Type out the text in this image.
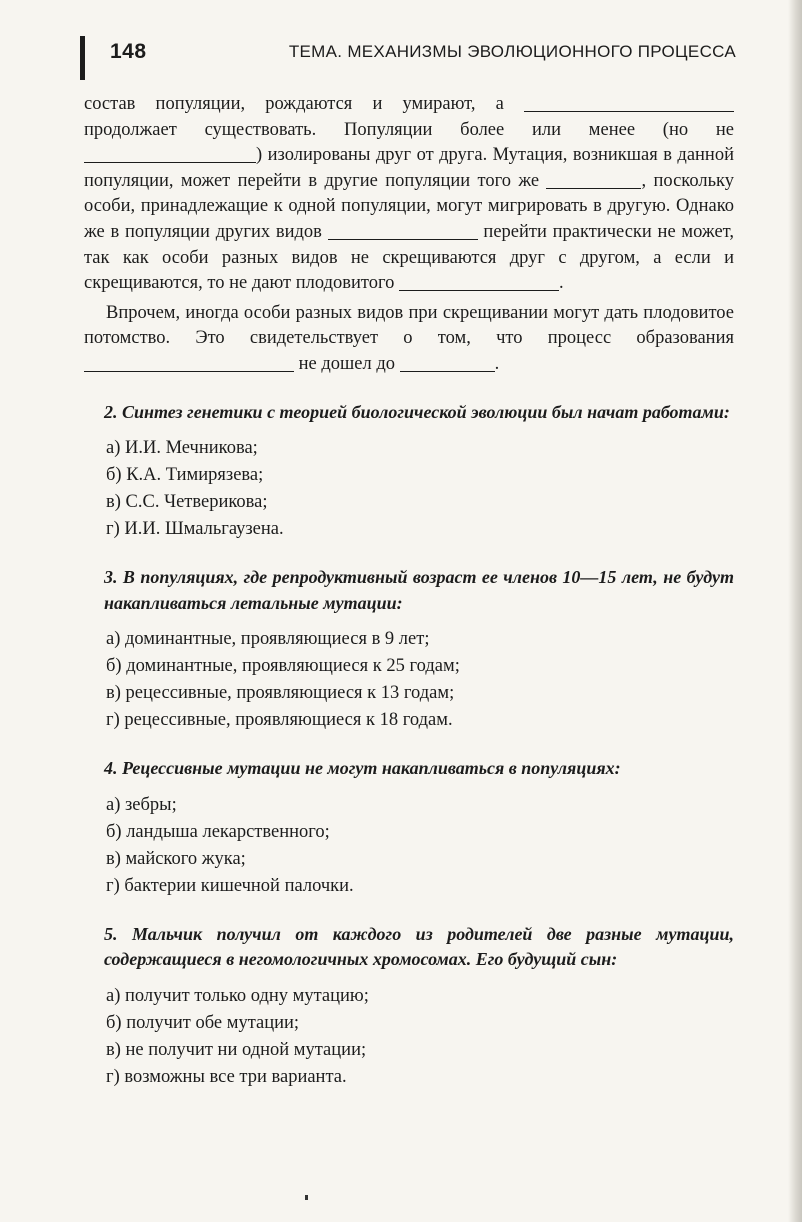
148	ТЕМА. МЕХАНИЗМЫ ЭВОЛЮЦИОННОГО ПРОЦЕССА

состав популяции, рождаются и умирают, а  продолжает существовать. Популяции более или менее (но не ) изолированы друг от друга. Мутация, возникшая в данной популяции, может перейти в другие популяции того же	, поскольку особи, принадлежащие к одной популяции, могут мигрировать в другую. Однако же в популяции других видов	перейти практически не может, так как особи разных видов не скрещиваются друг с другом, а если и скрещиваются, то не дают плодовитого	.

Впрочем, иногда особи разных видов при скрещивании могут дать плодовитое потомство. Это свидетельствует о том, что процесс образования  не дошел до	.

2. Синтез генетики с теорией биологической эволюции был начат работами:

а) И.И. Мечникова;
б) К.А. Тимирязева;
в) С.С. Четверикова;
г) И.И. Шмальгаузена.

3. В популяциях, где репродуктивный возраст ее членов 10—15 лет, не будут накапливаться летальные мутации:

а) доминантные, проявляющиеся в 9 лет;
б) доминантные, проявляющиеся к 25 годам;
в) рецессивные, проявляющиеся к 13 годам;
г) рецессивные, проявляющиеся к 18 годам.

4. Рецессивные мутации не могут накапливаться в популяциях:

а) зебры;
б) ландыша лекарственного;
в) майского жука;
г) бактерии кишечной палочки.

5. Мальчик получил от каждого из родителей две разные мутации, содержащиеся в негомологичных хромосомах. Его будущий сын:

а) получит только одну мутацию;
б) получит обе мутации;
в) не получит ни одной мутации;
г) возможны все три варианта.
